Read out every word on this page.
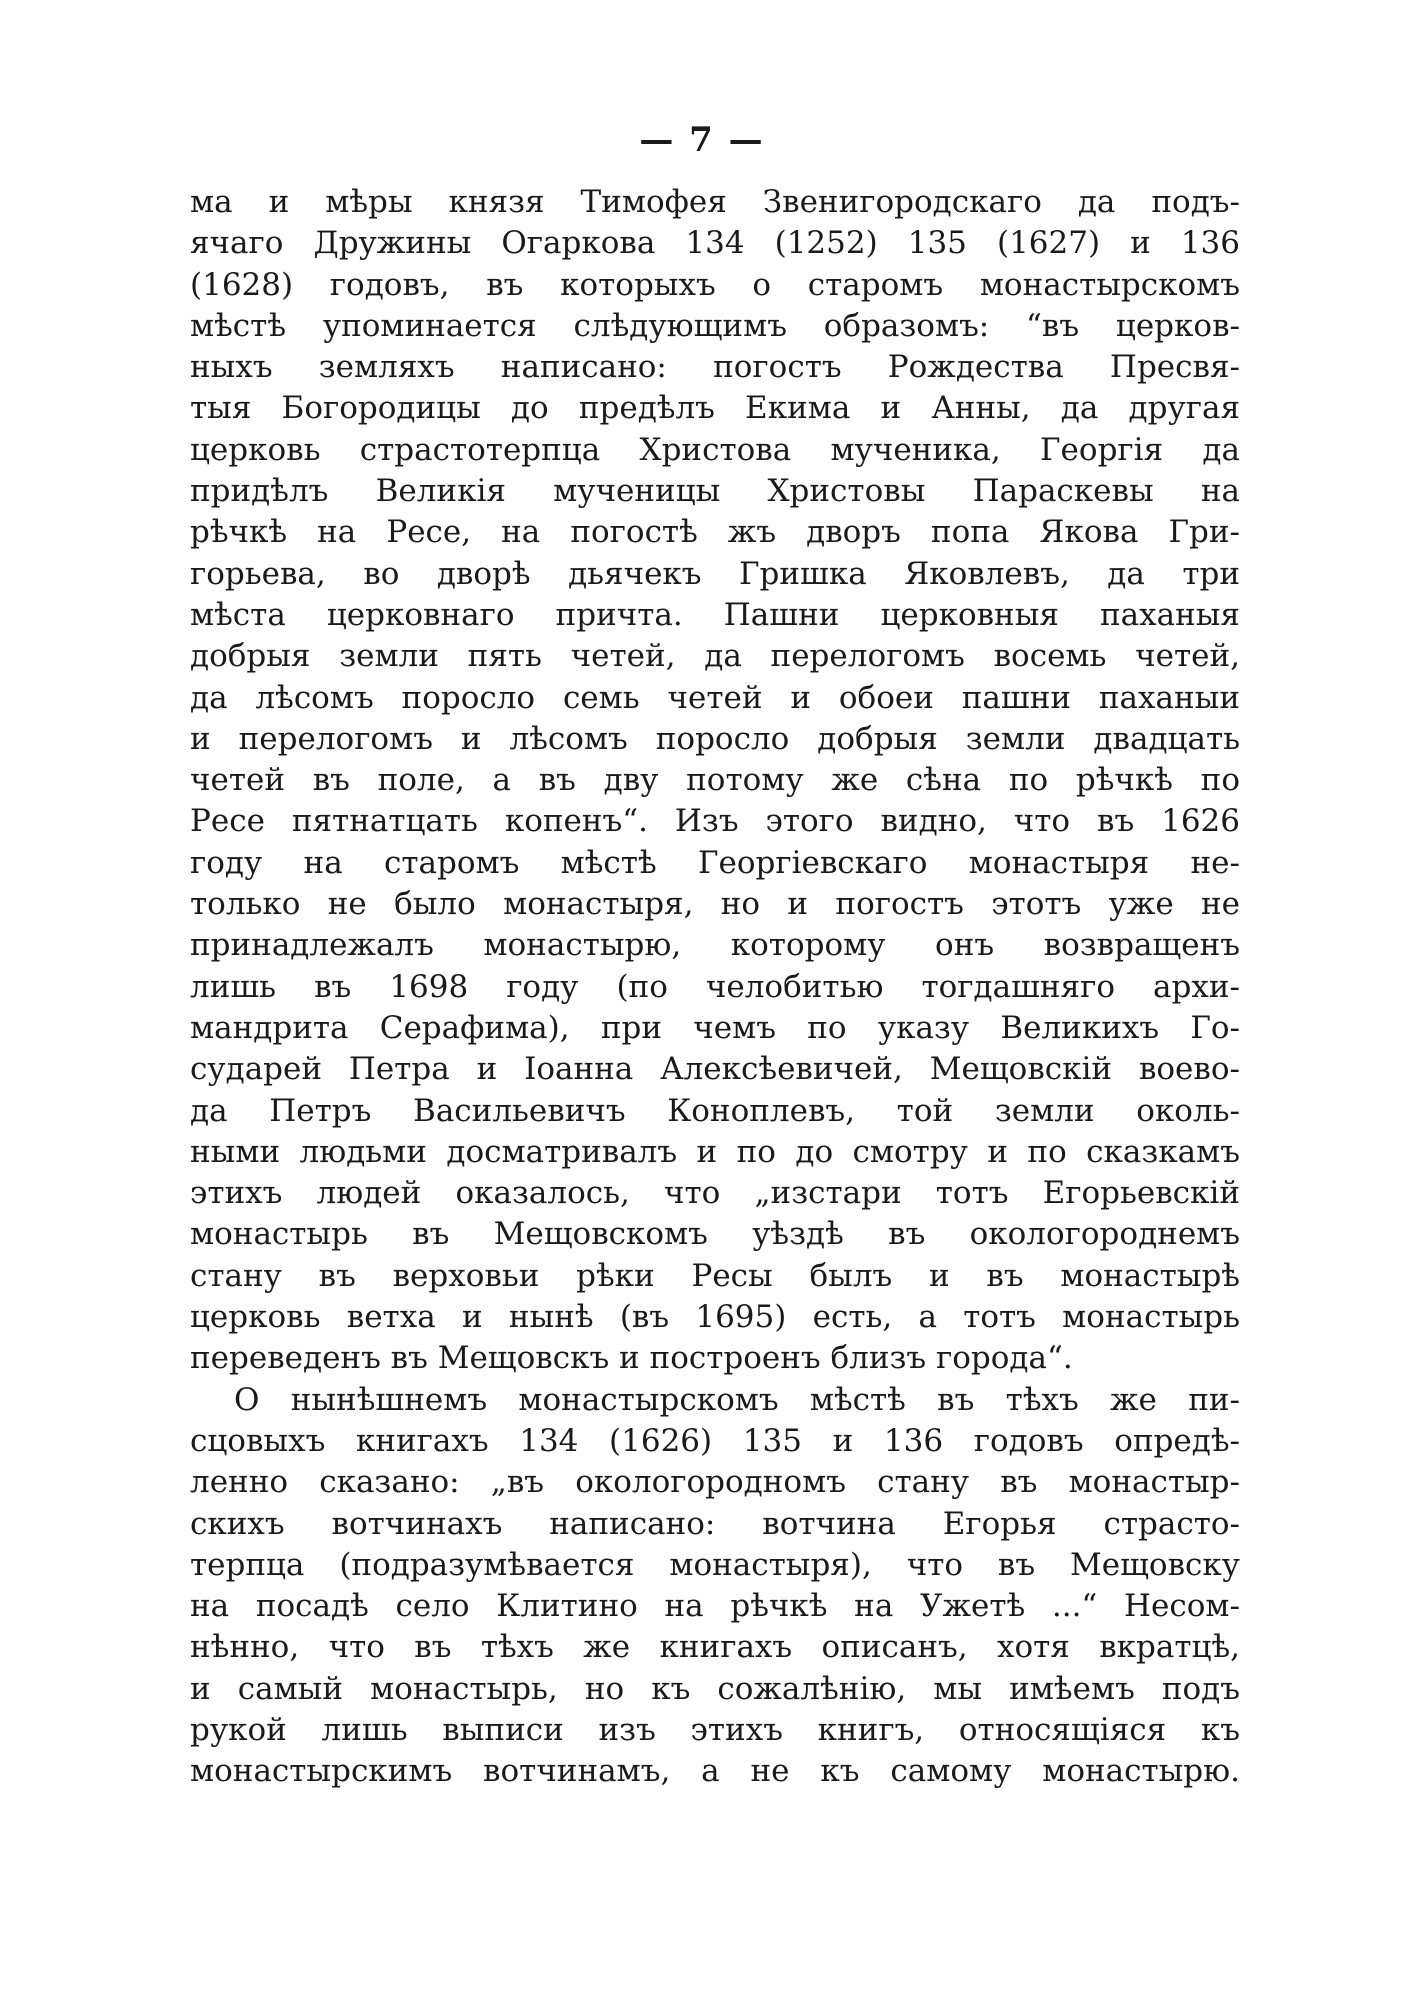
— 7 —
ма и мѣры князя Тимофея Звенигородскаго да подъ-
ячаго Дружины Огаркова 134 (1252) 135 (1627) и 136
(1628) годовъ, въ которыхъ о старомъ монастырскомъ
мѣстѣ упоминается слѣдующимъ образомъ: “въ церков-
ныхъ земляхъ написано: погостъ Рождества Пресвя-
тыя Богородицы до предѣлъ Екима и Анны, да другая
церковь страстотерпца Христова мученика, Георгія да
придѣлъ Великія мученицы Христовы Параскевы на
рѣчкѣ на Ресе, на погостѣ жъ дворъ попа Якова Гри-
горьева, во дворѣ дьячекъ Гришка Яковлевъ, да три
мѣста церковнаго причта. Пашни церковныя паханыя
добрыя земли пять четей, да перелогомъ восемь четей,
да лѣсомъ поросло семь четей и обоеи пашни паханыи
и перелогомъ и лѣсомъ поросло добрыя земли двадцать
четей въ поле, а въ дву потому же сѣна по рѣчкѣ по
Ресе пятнатцать копенъ“. Изъ этого видно, что въ 1626
году на старомъ мѣстѣ Георгіевскаго монастыря не-
только не было монастыря, но и погостъ этотъ уже не
принадлежалъ монастырю, которому онъ возвращенъ
лишь въ 1698 году (по челобитью тогдашняго архи-
мандрита Серафима), при чемъ по указу Великихъ Го-
сударей Петра и Іоанна Алексѣевичей, Мещовскій воево-
да Петръ Васильевичъ Коноплевъ, той земли околь-
ными людьми досматривалъ и по до смотру и по сказкамъ
этихъ людей оказалось, что „изстари тотъ Егорьевскій
монастырь въ Мещовскомъ уѣздѣ въ окологороднемъ
стану въ верховьи рѣки Ресы былъ и въ монастырѣ
церковь ветха и нынѣ (въ 1695) есть, а тотъ монастырь
переведенъ въ Мещовскъ и построенъ близъ города“.
О нынѣшнемъ монастырскомъ мѣстѣ въ тѣхъ же пи-
сцовыхъ книгахъ 134 (1626) 135 и 136 годовъ опредѣ-
ленно сказано: „въ окологородномъ стану въ монастыр-
скихъ вотчинахъ написано: вотчина Егорья страсто-
терпца (подразумѣвается монастыря), что въ Мещовску
на посадѣ село Клитино на рѣчкѣ на Ужетѣ ...“ Несом-
нѣнно, что въ тѣхъ же книгахъ описанъ, хотя вкратцѣ,
и самый монастырь, но къ сожалѣнію, мы имѣемъ подъ
рукой лишь выписи изъ этихъ книгъ, относящіяся къ
монастырскимъ вотчинамъ, а не къ самому монастырю.
